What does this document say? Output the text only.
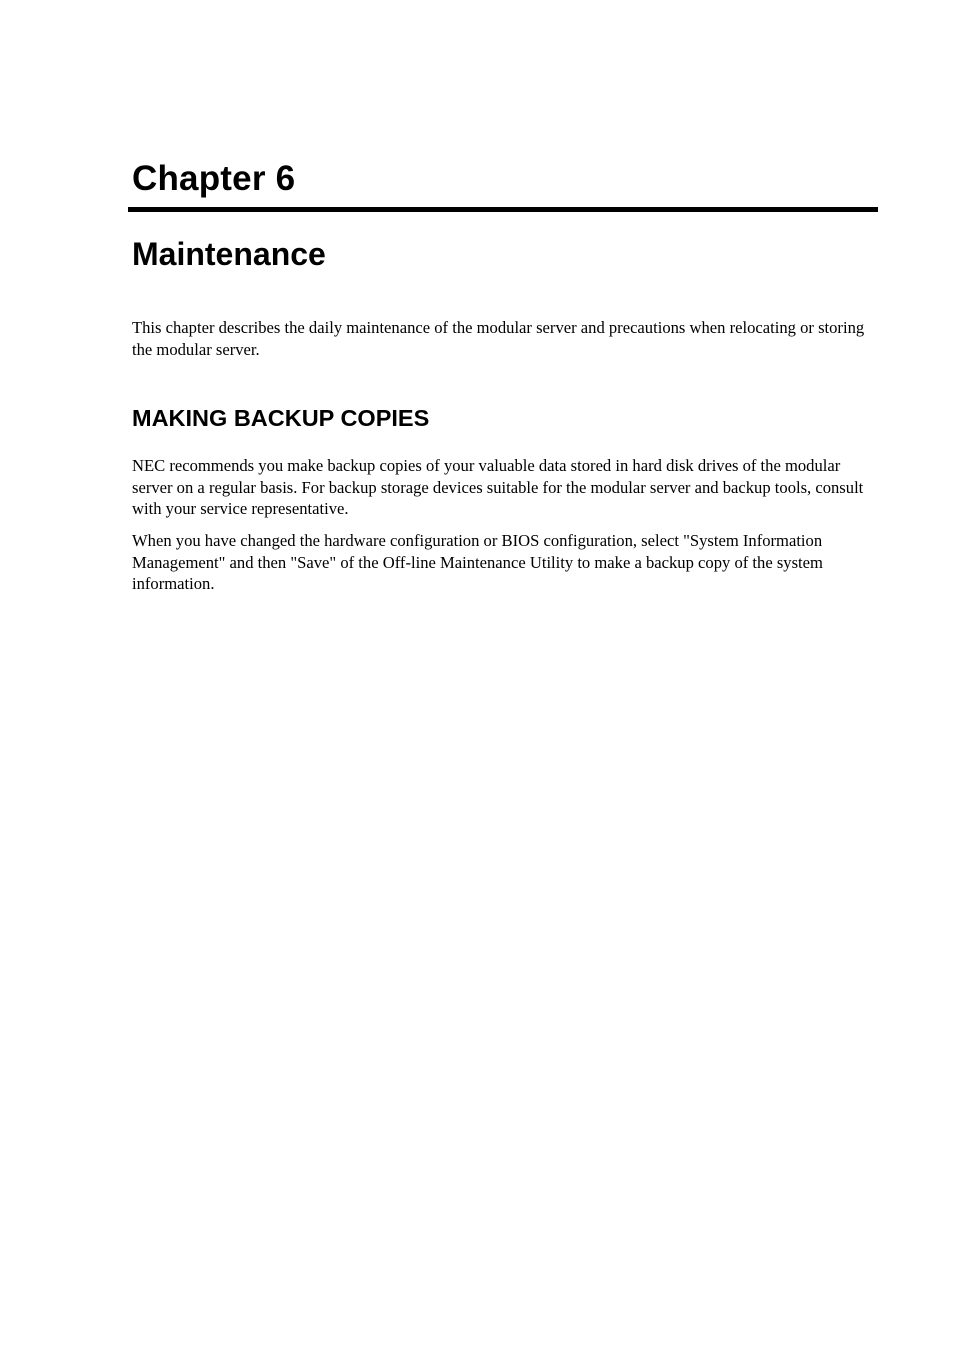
Chapter 6
Maintenance

This chapter describes the daily maintenance of the modular server and precautions when relocating or storing the modular server.

MAKING BACKUP COPIES

NEC recommends you make backup copies of your valuable data stored in hard disk drives of the modular server on a regular basis. For backup storage devices suitable for the modular server and backup tools, consult with your service representative.

When you have changed the hardware configuration or BIOS configuration, select "System Information Management" and then "Save" of the Off-line Maintenance Utility to make a backup copy of the system information.
